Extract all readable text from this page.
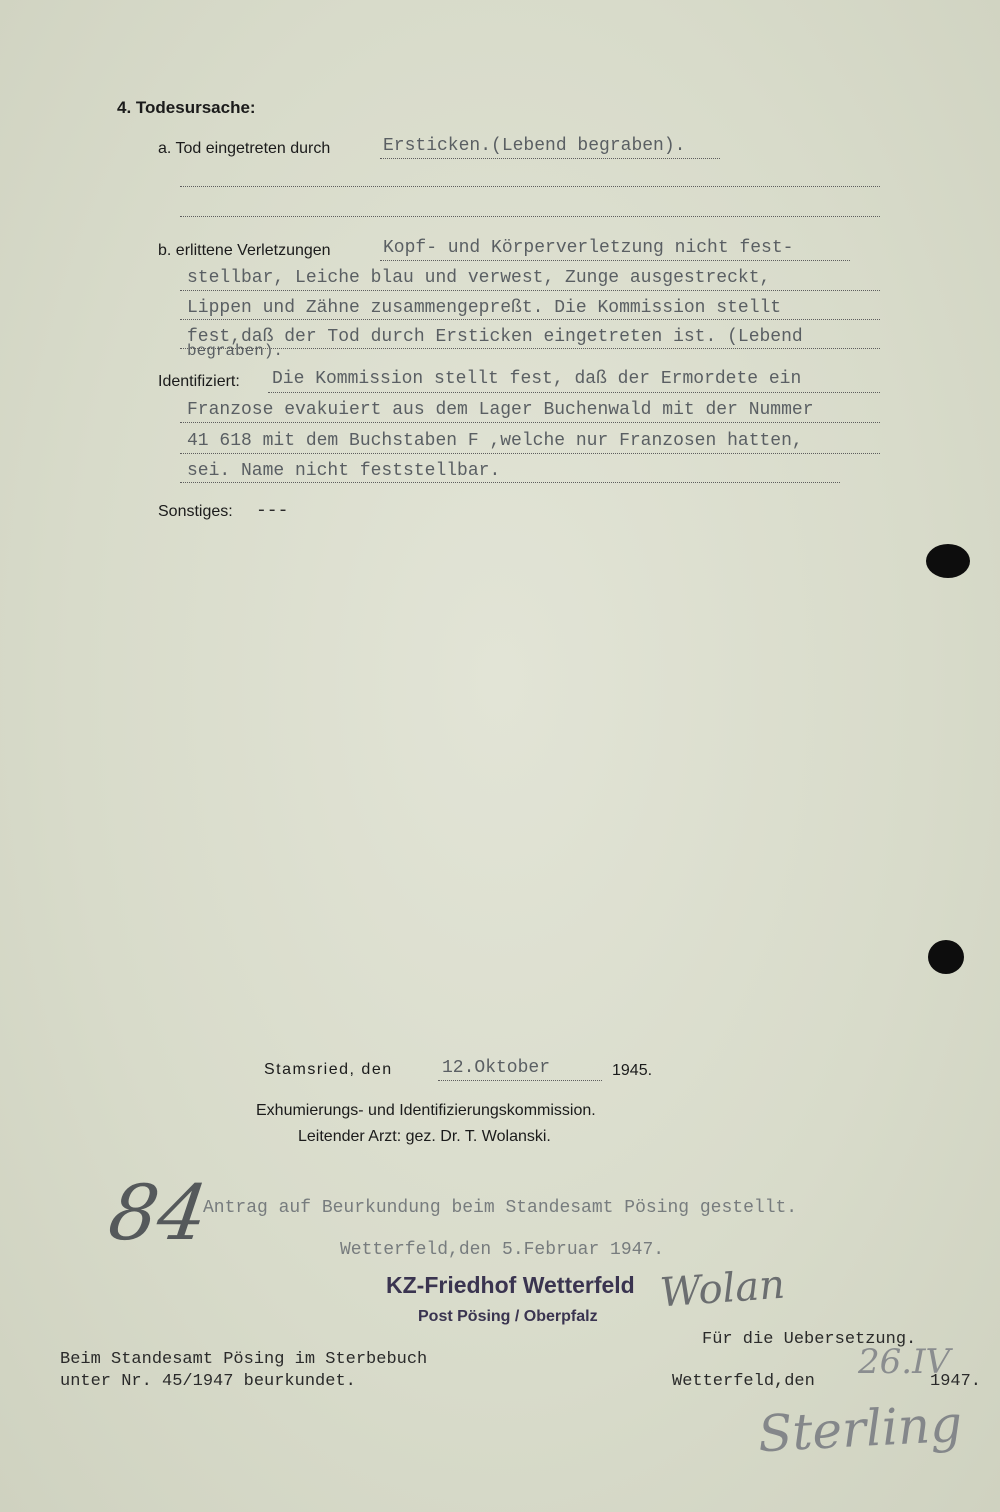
4. Todesursache:
a. Tod eingetreten durch	Ersticken.(Lebend begraben).
b. erlittene Verletzungen	Kopf- und Körperverletzung nicht fest-
stellbar, Leiche blau und verwest, Zunge ausgestreckt,
Lippen und Zähne zusammengepreßt. Die Kommission stellt
fest,daß der Tod durch Ersticken eingetreten ist. (Lebend
begraben).
Identifiziert: Die Kommission stellt fest, daß der Ermordete ein
Franzose evakuiert aus dem Lager Buchenwald mit der Nummer
41 618 mit dem Buchstaben F ,welche nur Franzosen hatten,
sei. Name nicht feststellbar.
Sonstiges: ---
Stamsried, den	12.Oktober	1945.
Exhumierungs- und Identifizierungskommission.
Leitender Arzt: gez. Dr. T. Wolanski.
84
Antrag auf Beurkundung beim Standesamt Pösing gestellt.
Wetterfeld,den 5.Februar 1947.
KZ-Friedhof Wetterfeld
Post Pösing / Oberpfalz
Wolan
Beim Standesamt Pösing im Sterbebuch
unter Nr. 45/1947 beurkundet.
Für die Uebersetzung.
Wetterfeld,den 26.IV
1947.
Sterling
